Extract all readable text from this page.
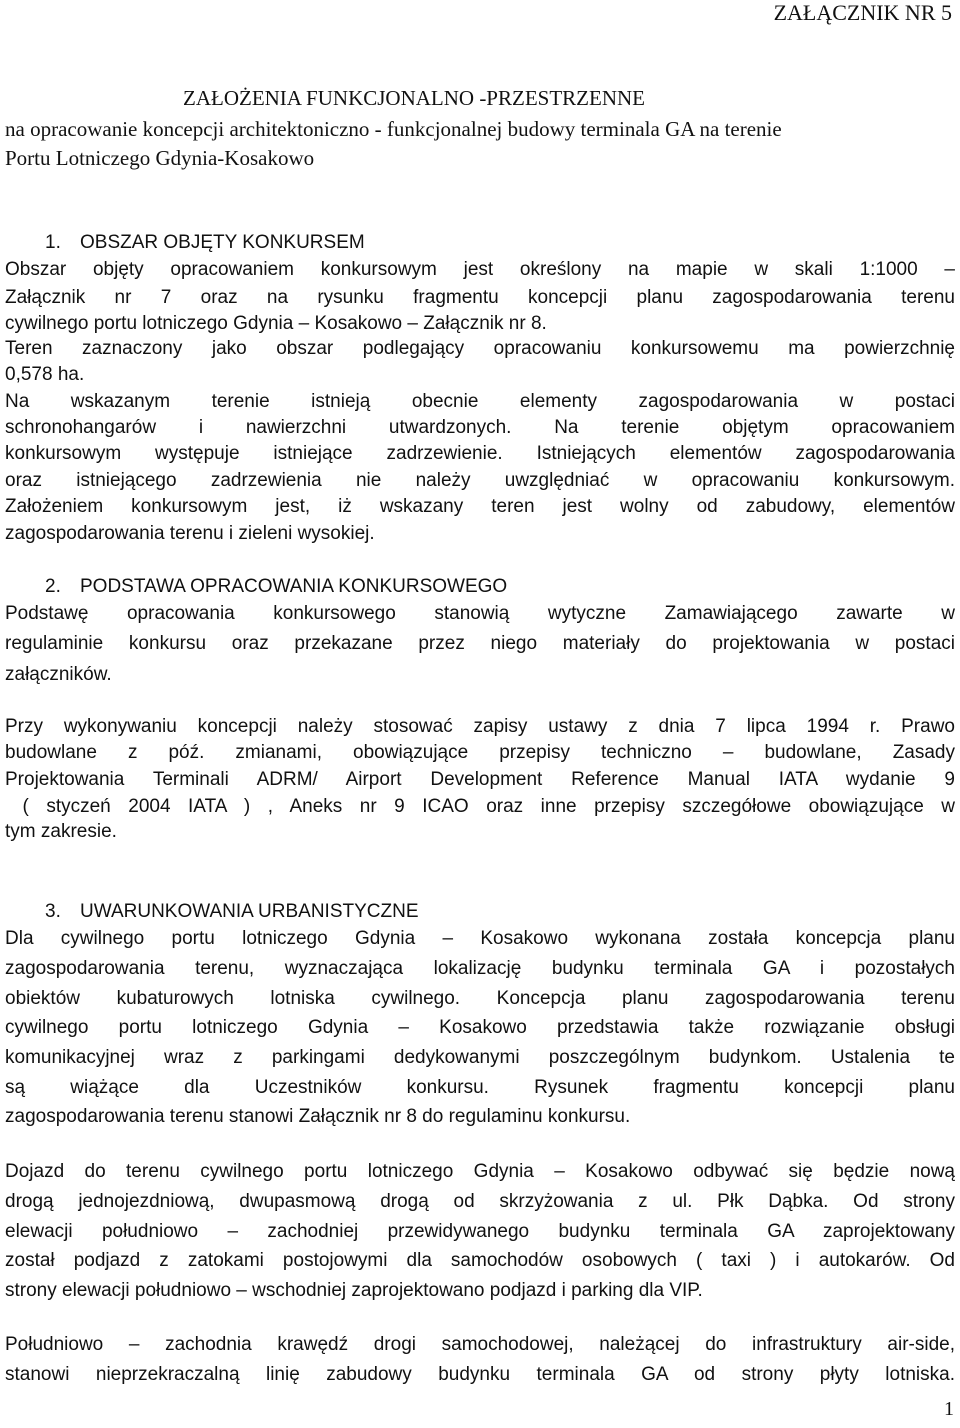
ZAŁĄCZNIK NR 5
ZAŁOŻENIA FUNKCJONALNO -PRZESTRZENNE
na opracowanie koncepcji architektoniczno - funkcjonalnej budowy terminala GA na terenie
Portu Lotniczego Gdynia-Kosakowo
1. OBSZAR OBJĘTY KONKURSEM
Obszar objęty opracowaniem konkursowym jest określony na mapie w skali 1:1000 –
Załącznik nr 7 oraz na rysunku fragmentu koncepcji planu zagospodarowania terenu
cywilnego portu lotniczego Gdynia – Kosakowo – Załącznik nr 8.
Teren zaznaczony jako obszar podlegający opracowaniu konkursowemu ma powierzchnię
0,578 ha.
Na wskazanym terenie istnieją obecnie elementy zagospodarowania w postaci
schronohangarów i nawierzchni utwardzonych. Na terenie objętym opracowaniem
konkursowym występuje istniejące zadrzewienie. Istniejących elementów zagospodarowania
oraz istniejącego zadrzewienia nie należy uwzględniać w opracowaniu konkursowym.
Założeniem konkursowym jest, iż wskazany teren jest wolny od zabudowy, elementów
zagospodarowania terenu i zieleni wysokiej.
2. PODSTAWA OPRACOWANIA KONKURSOWEGO
Podstawę opracowania konkursowego stanowią wytyczne Zamawiającego zawarte w
regulaminie konkursu oraz przekazane przez niego materiały do projektowania w postaci
załączników.
Przy wykonywaniu koncepcji należy stosować zapisy ustawy z dnia 7 lipca 1994 r. Prawo
budowlane z póź. zmianami, obowiązujące przepisy techniczno – budowlane, Zasady
Projektowania Terminali ADRM/ Airport Development Reference Manual IATA wydanie 9
( styczeń 2004 IATA ) , Aneks nr 9 ICAO oraz inne przepisy szczegółowe obowiązujące w
tym zakresie.
3. UWARUNKOWANIA URBANISTYCZNE
Dla cywilnego portu lotniczego Gdynia – Kosakowo wykonana została koncepcja planu
zagospodarowania terenu, wyznaczająca lokalizację budynku terminala GA i pozostałych
obiektów kubaturowych lotniska cywilnego. Koncepcja planu zagospodarowania terenu
cywilnego portu lotniczego Gdynia – Kosakowo przedstawia także rozwiązanie obsługi
komunikacyjnej wraz z parkingami dedykowanymi poszczególnym budynkom. Ustalenia te
są wiążące dla Uczestników konkursu. Rysunek fragmentu koncepcji planu
zagospodarowania terenu stanowi Załącznik nr 8 do regulaminu konkursu.
Dojazd do terenu cywilnego portu lotniczego Gdynia – Kosakowo odbywać się będzie nową
drogą jednojezdniową, dwupasmową drogą od skrzyżowania z ul. Płk Dąbka. Od strony
elewacji południowo – zachodniej przewidywanego budynku terminala GA zaprojektowany
został podjazd z zatokami postojowymi dla samochodów osobowych ( taxi ) i autokarów. Od
strony elewacji południowo – wschodniej zaprojektowano podjazd i parking dla VIP.
Południowo – zachodnia krawędź drogi samochodowej, należącej do infrastruktury air-side,
stanowi nieprzekraczalną linię zabudowy budynku terminala GA od strony płyty lotniska.
1
